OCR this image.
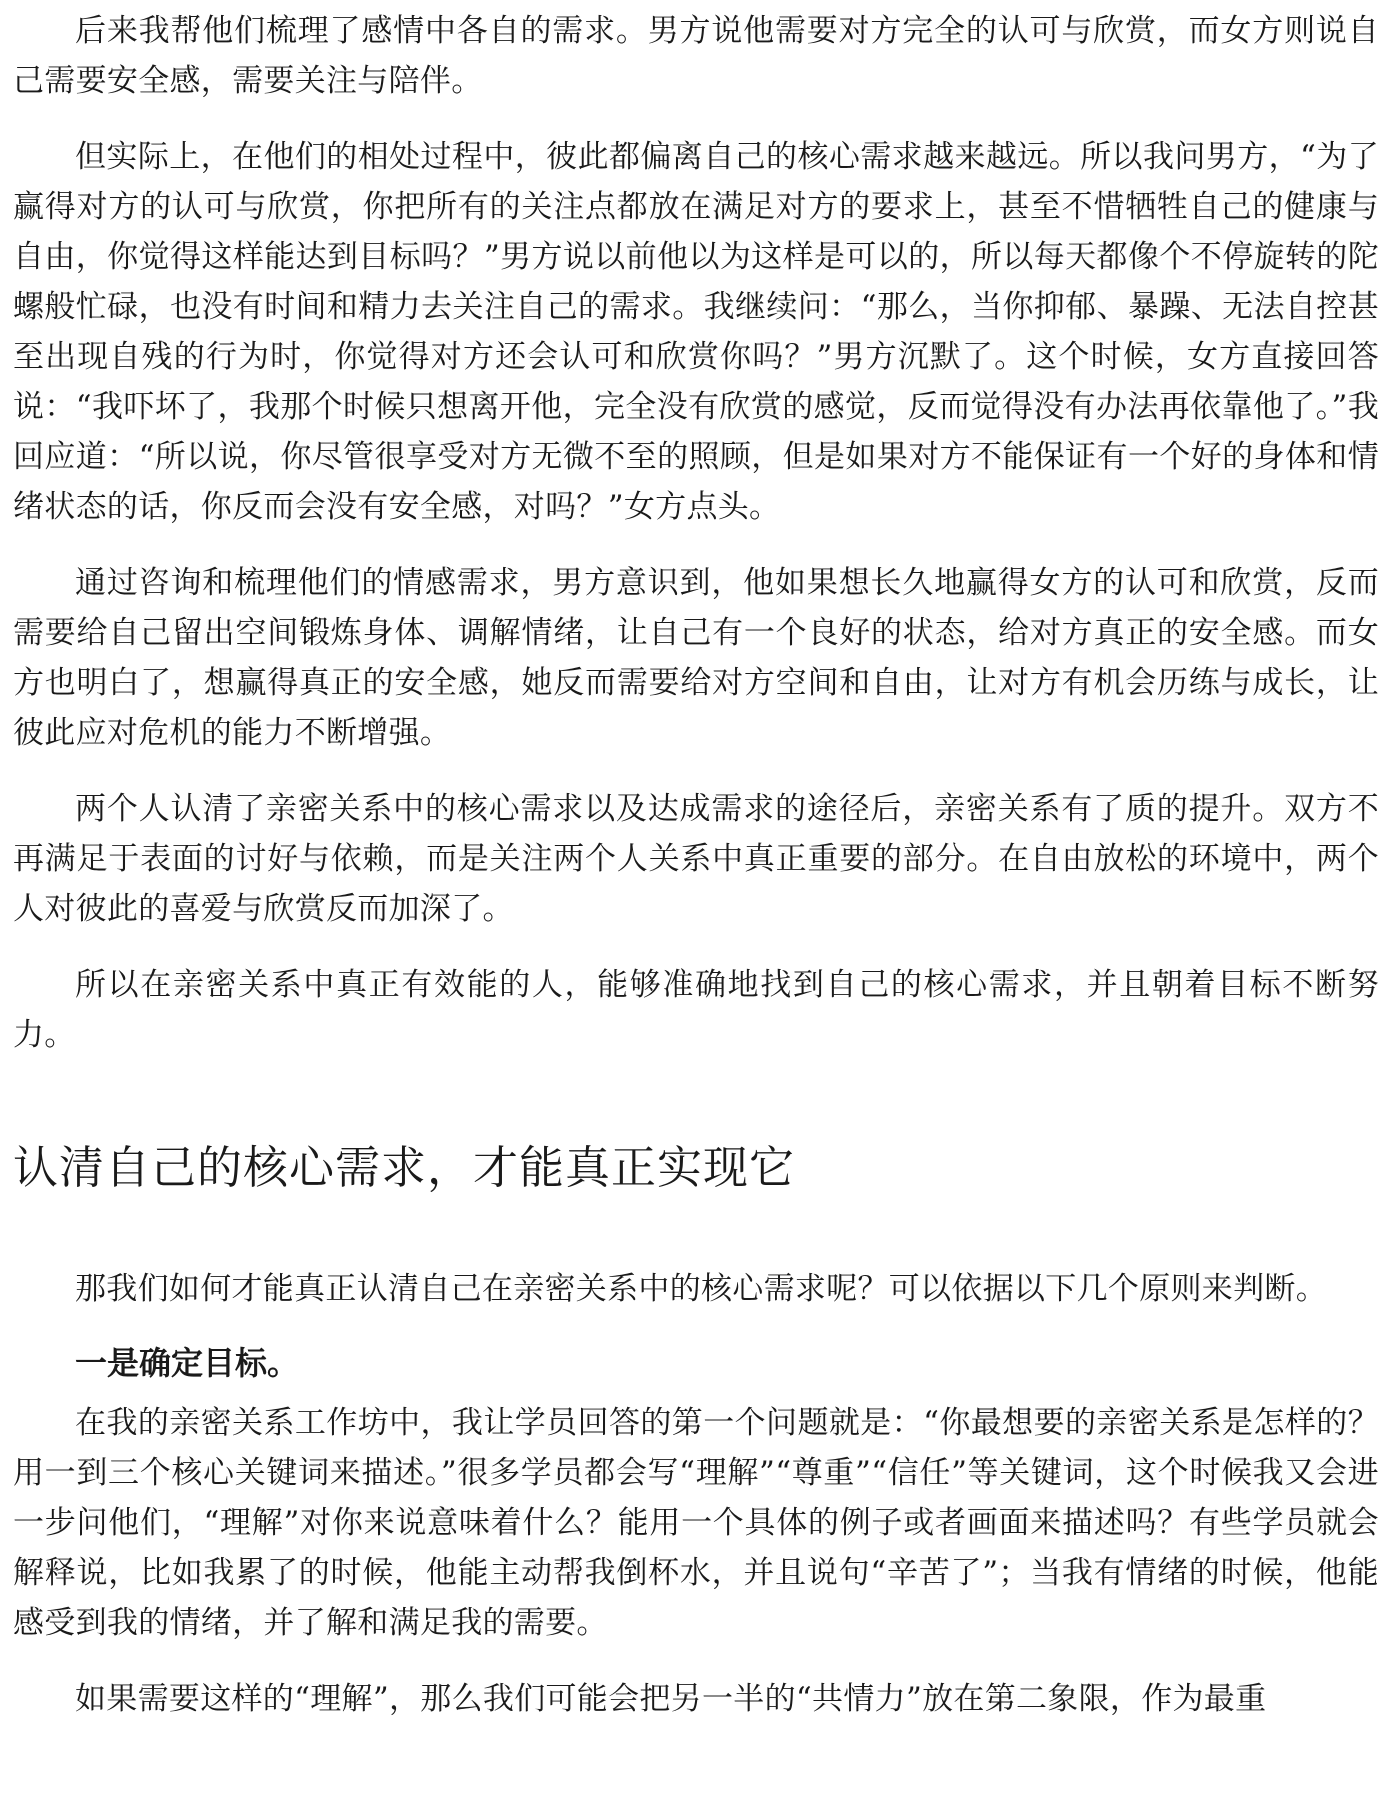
后来我帮他们梳理了感情中各自的需求。男方说他需要对方完全的认可与欣赏，而女方则说自己需要安全感，需要关注与陪伴。

但实际上，在他们的相处过程中，彼此都偏离自己的核心需求越来越远。所以我问男方，“为了赢得对方的认可与欣赏，你把所有的关注点都放在满足对方的要求上，甚至不惜牺牲自己的健康与自由，你觉得这样能达到目标吗？”男方说以前他以为这样是可以的，所以每天都像个不停旋转的陀螺般忙碌，也没有时间和精力去关注自己的需求。我继续问：“那么，当你抑郁、暴躁、无法自控甚至出现自残的行为时，你觉得对方还会认可和欣赏你吗？”男方沉默了。这个时候，女方直接回答说：“我吓坏了，我那个时候只想离开他，完全没有欣赏的感觉，反而觉得没有办法再依靠他了。”我回应道：“所以说，你尽管很享受对方无微不至的照顾，但是如果对方不能保证有一个好的身体和情绪状态的话，你反而会没有安全感，对吗？”女方点头。

通过咨询和梳理他们的情感需求，男方意识到，他如果想长久地赢得女方的认可和欣赏，反而需要给自己留出空间锻炼身体、调解情绪，让自己有一个良好的状态，给对方真正的安全感。而女方也明白了，想赢得真正的安全感，她反而需要给对方空间和自由，让对方有机会历练与成长，让彼此应对危机的能力不断增强。

两个人认清了亲密关系中的核心需求以及达成需求的途径后，亲密关系有了质的提升。双方不再满足于表面的讨好与依赖，而是关注两个人关系中真正重要的部分。在自由放松的环境中，两个人对彼此的喜爱与欣赏反而加深了。

所以在亲密关系中真正有效能的人，能够准确地找到自己的核心需求，并且朝着目标不断努力。

认清自己的核心需求，才能真正实现它

那我们如何才能真正认清自己在亲密关系中的核心需求呢？可以依据以下几个原则来判断。

一是确定目标。

在我的亲密关系工作坊中，我让学员回答的第一个问题就是：“你最想要的亲密关系是怎样的？用一到三个核心关键词来描述。”很多学员都会写“理解”“尊重”“信任”等关键词，这个时候我又会进一步问他们，“理解”对你来说意味着什么？能用一个具体的例子或者画面来描述吗？有些学员就会解释说，比如我累了的时候，他能主动帮我倒杯水，并且说句“辛苦了”；当我有情绪的时候，他能感受到我的情绪，并了解和满足我的需要。

如果需要这样的“理解”，那么我们可能会把另一半的“共情力”放在第二象限，作为最重
